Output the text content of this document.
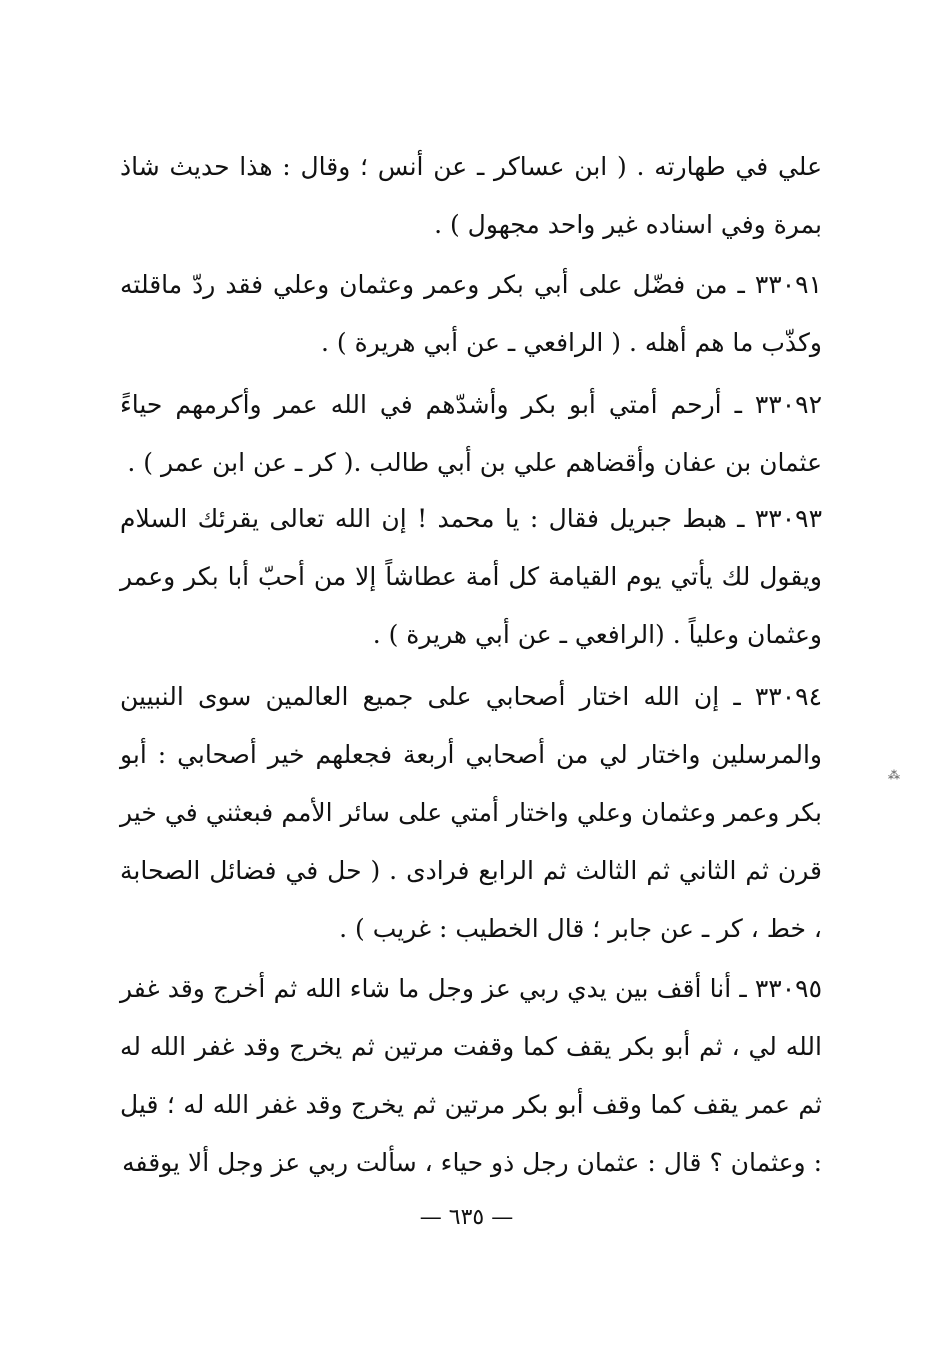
علي في طهارته . ( ابن عساكر ـ عن أنس ؛ وقال : هذا حديث شاذ بمرة وفي اسناده غير واحد مجهول ) .

٣٣٠٩١ ـ من فضّل على أبي بكر وعمر وعثمان وعلي فقد ردّ ماقلته وكذّب ما هم أهله . ( الرافعي ـ عن أبي هريرة ) .

٣٣٠٩٢ ـ أرحم أمتي أبو بكر وأشدّهم في الله عمر وأكرمهم حياءً عثمان بن عفان وأقضاهم علي بن أبي طالب .( كر ـ عن ابن عمر ) .

٣٣٠٩٣ ـ هبط جبريل فقال : يا محمد ! إن الله تعالى يقرئك السلام ويقول لك يأتي يوم القيامة كل أمة عطاشاً إلا من أحبّ أبا بكر وعمر وعثمان وعلياً . (الرافعي ـ عن أبي هريرة ) .

٣٣٠٩٤ ـ إن الله اختار أصحابي على جميع العالمين سوى النبيين والمرسلين واختار لي من أصحابي أربعة فجعلهم خير أصحابي : أبو بكر وعمر وعثمان وعلي واختار أمتي على سائر الأمم فبعثني في خير قرن ثم الثاني ثم الثالث ثم الرابع فرادى . ( حل في فضائل الصحابة ، خط ، كر ـ عن جابر ؛ قال الخطيب : غريب ) .

٣٣٠٩٥ ـ أنا أقف بين يدي ربي عز وجل ما شاء الله ثم أخرج وقد غفر الله لي ، ثم أبو بكر يقف كما وقفت مرتين ثم يخرج وقد غفر الله له ثم عمر يقف كما وقف أبو بكر مرتين ثم يخرج وقد غفر الله له ؛ قيل : وعثمان ؟ قال : عثمان رجل ذو حياء ، سألت ربي عز وجل ألا يوقفه

⁂
— ٦٣٥ —
